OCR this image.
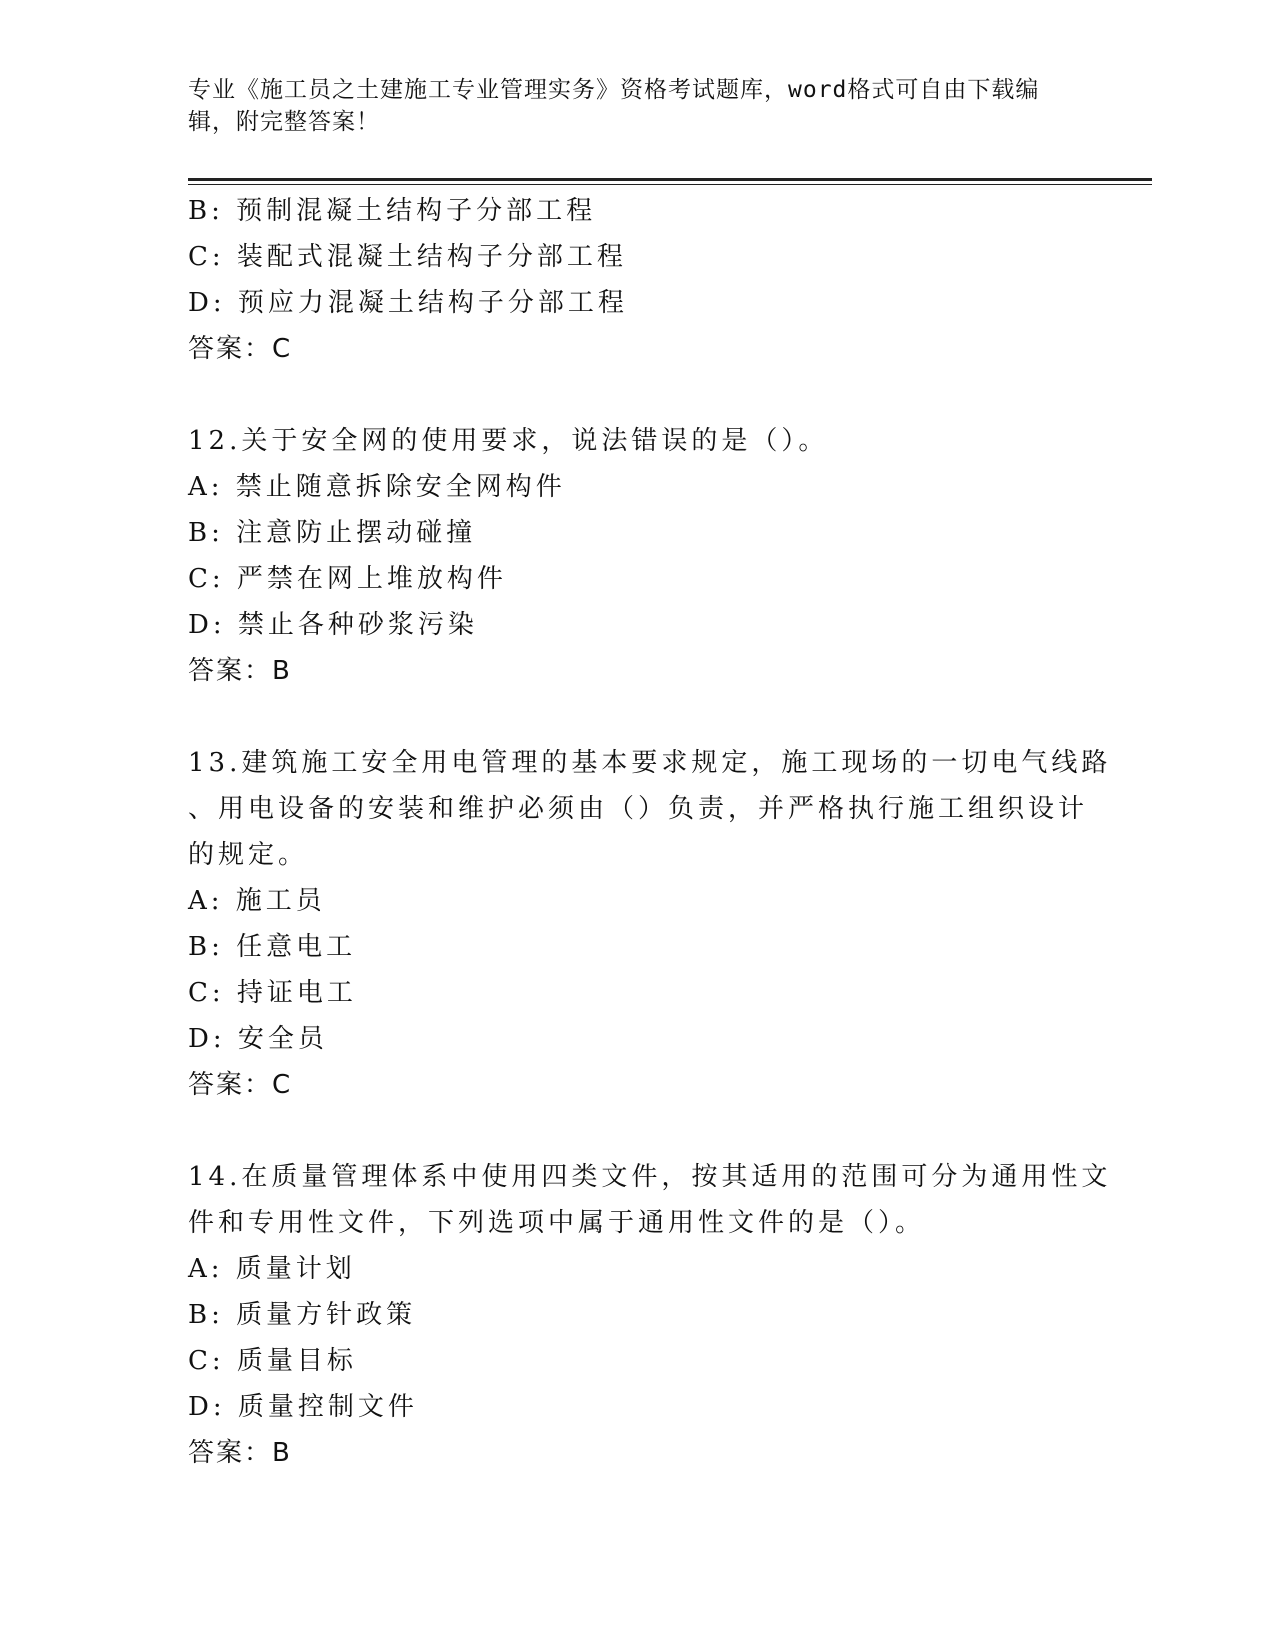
专业《施工员之土建施工专业管理实务》资格考试题库，word格式可自由下载编
辑，附完整答案！
B: 预制混凝土结构子分部工程
C: 装配式混凝土结构子分部工程
D: 预应力混凝土结构子分部工程
答案：C
12.关于安全网的使用要求，说法错误的是（）。
A: 禁止随意拆除安全网构件
B: 注意防止摆动碰撞
C: 严禁在网上堆放构件
D: 禁止各种砂浆污染
答案：B
13.建筑施工安全用电管理的基本要求规定，施工现场的一切电气线路
、用电设备的安装和维护必须由（）负责，并严格执行施工组织设计
的规定。
A: 施工员
B: 任意电工
C: 持证电工
D: 安全员
答案：C
14.在质量管理体系中使用四类文件，按其适用的范围可分为通用性文
件和专用性文件，下列选项中属于通用性文件的是（）。
A: 质量计划
B: 质量方针政策
C: 质量目标
D: 质量控制文件
答案：B
